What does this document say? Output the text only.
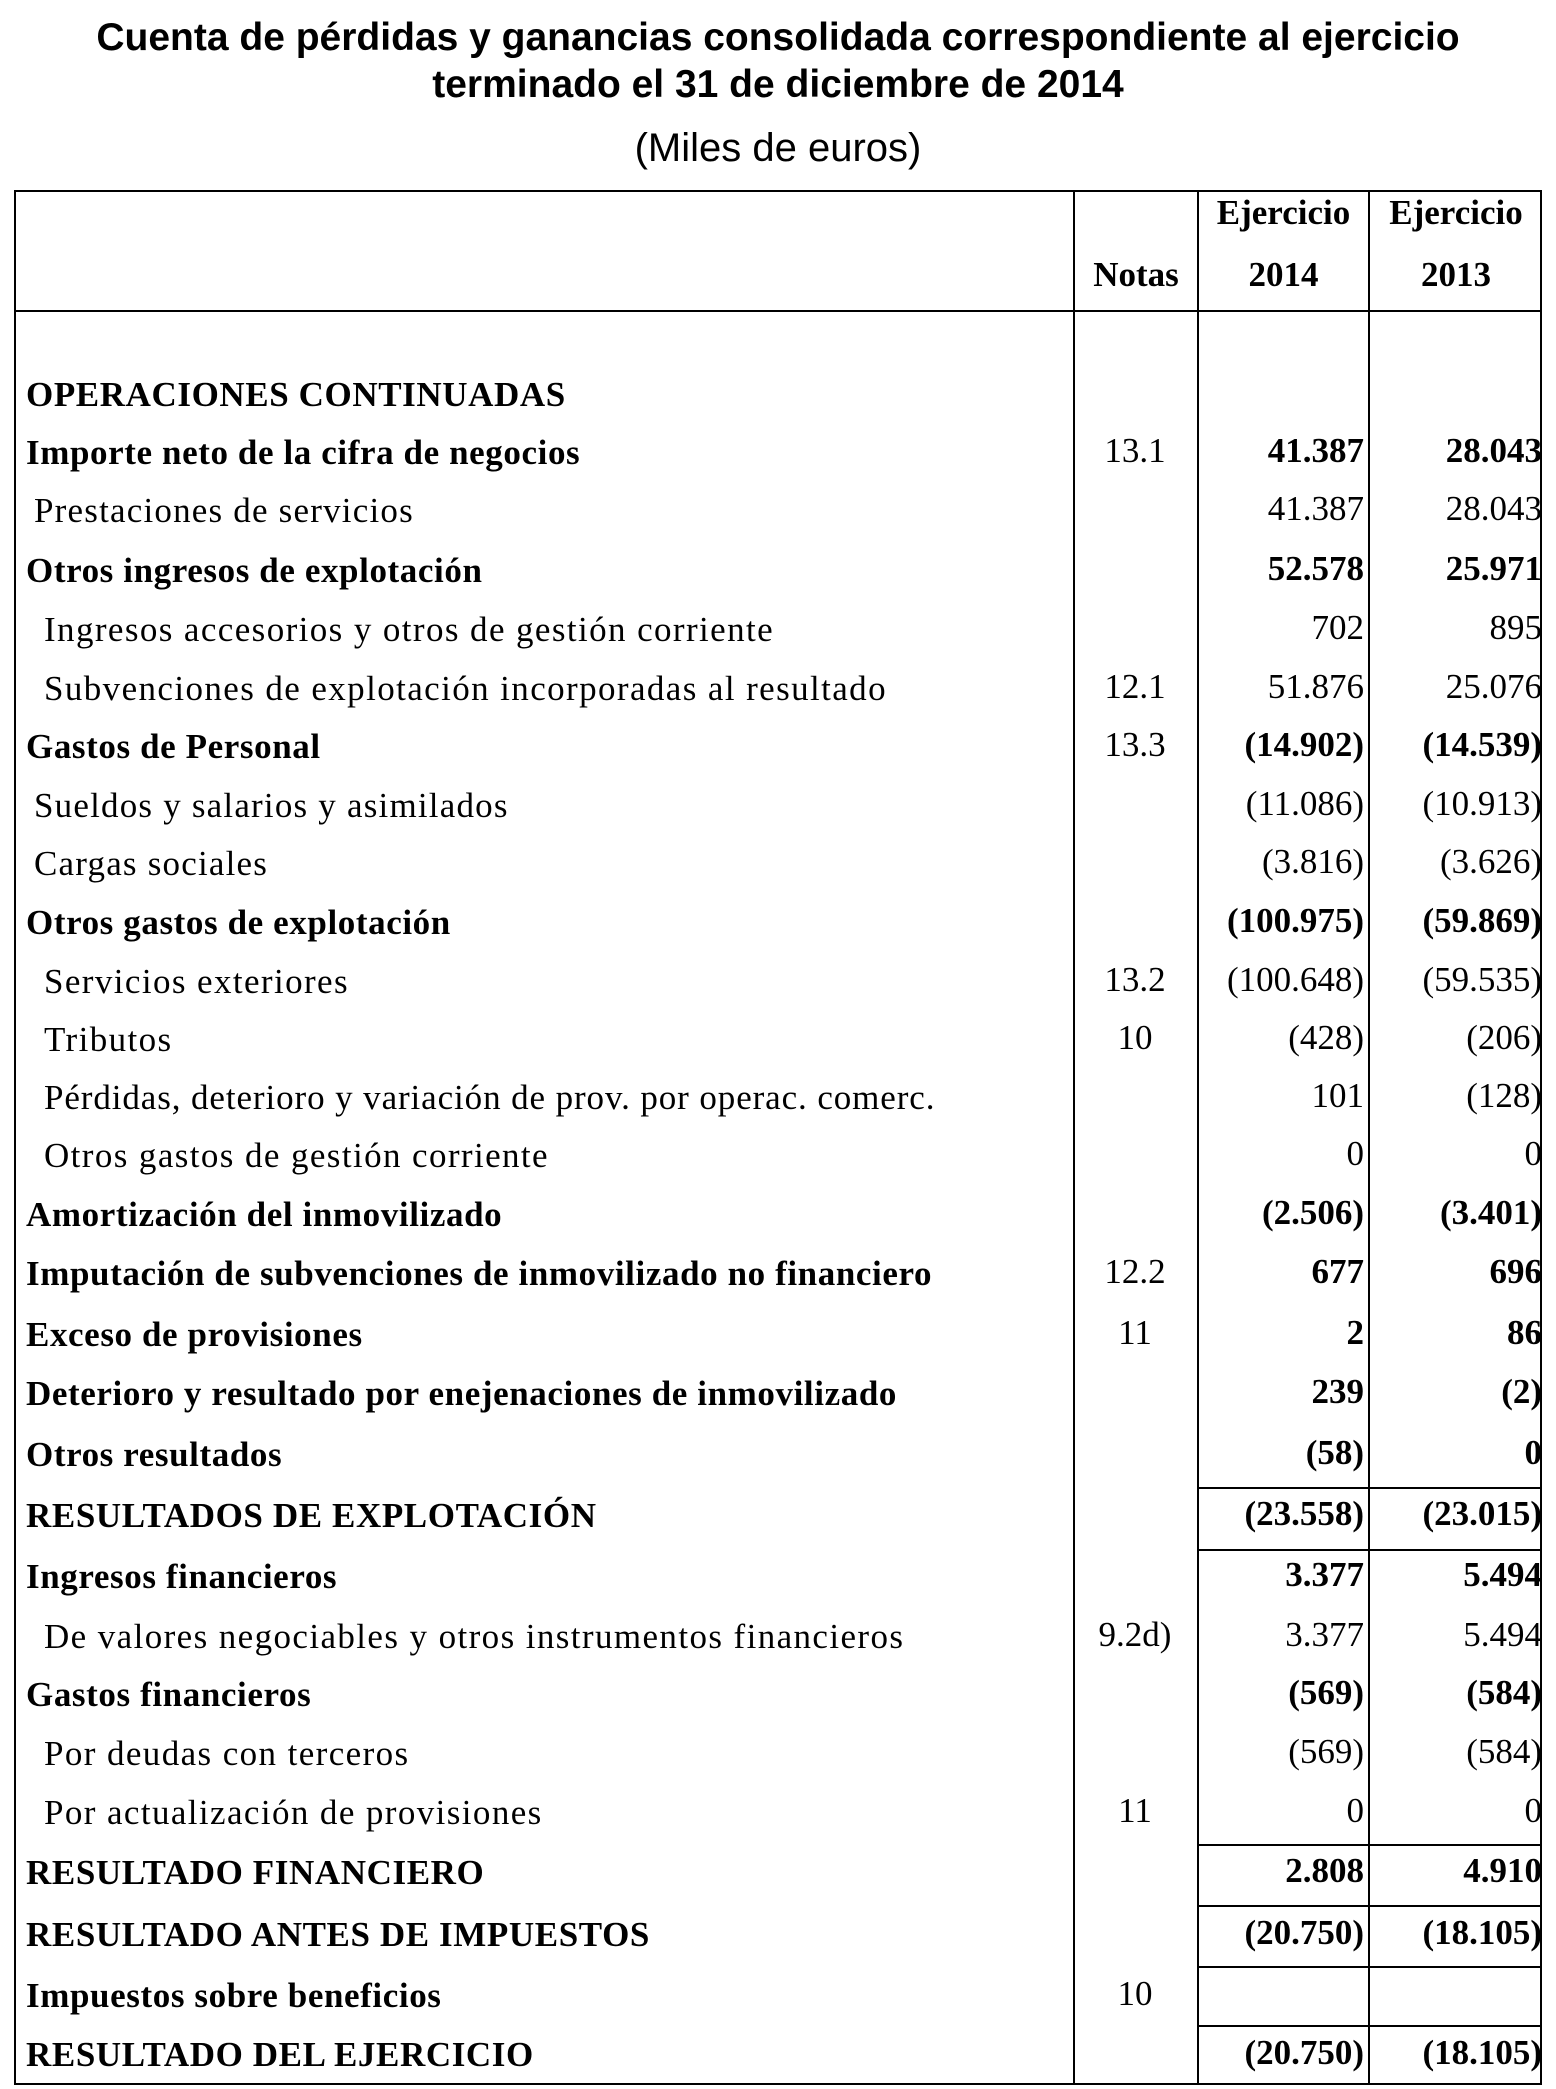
Cuenta de pérdidas y ganancias consolidada correspondiente al ejercicio
terminado el 31 de diciembre de 2014
(Miles de euros)
Notas
Ejercicio
2014
Ejercicio
2013
OPERACIONES CONTINUADAS
Importe neto de la cifra de negocios	13.1	41.387	28.043
Prestaciones de servicios	41.387	28.043
Otros ingresos de explotación	52.578	25.971
Ingresos accesorios y otros de gestión corriente	702	895
Subvenciones de explotación incorporadas al resultado	12.1	51.876	25.076
Gastos de Personal	13.3	(14.902)	(14.539)
Sueldos y salarios y asimilados	(11.086)	(10.913)
Cargas sociales	(3.816)	(3.626)
Otros gastos de explotación	(100.975)	(59.869)
Servicios exteriores	13.2	(100.648)	(59.535)
Tributos	10	(428)	(206)
Pérdidas, deterioro y variación de prov. por operac. comerc.	101	(128)
Otros gastos de gestión corriente	0	0
Amortización del inmovilizado	(2.506)	(3.401)
Imputación de subvenciones de inmovilizado no financiero	12.2	677	696
Exceso de provisiones	11	2	86
Deterioro y resultado por enejenaciones de inmovilizado	239	(2)
Otros resultados	(58)	0
RESULTADOS DE EXPLOTACIÓN	(23.558)	(23.015)
Ingresos financieros	3.377	5.494
De valores negociables y otros instrumentos financieros	9.2d)	3.377	5.494
Gastos financieros	(569)	(584)
Por deudas con terceros	(569)	(584)
Por actualización de provisiones	11	0	0
RESULTADO FINANCIERO	2.808	4.910
RESULTADO ANTES DE IMPUESTOS	(20.750)	(18.105)
Impuestos sobre beneficios	10
RESULTADO DEL EJERCICIO	(20.750)	(18.105)
